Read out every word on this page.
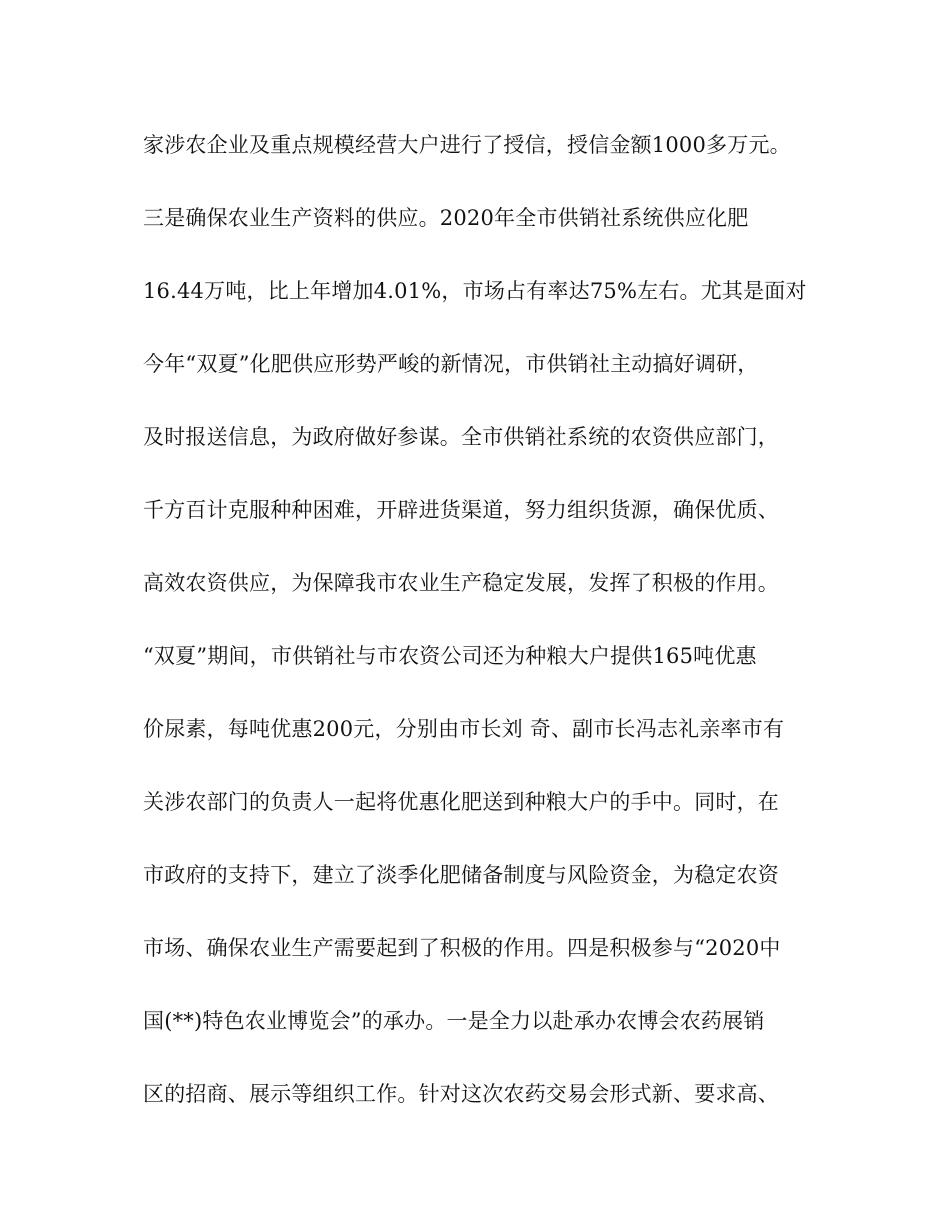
家涉农企业及重点规模经营大户进行了授信，授信金额1000多万元。
三是确保农业生产资料的供应。2020年全市供销社系统供应化肥
16.44万吨，比上年增加4.01%，市场占有率达75%左右。尤其是面对
今年“双夏”化肥供应形势严峻的新情况，市供销社主动搞好调研，
及时报送信息，为政府做好参谋。全市供销社系统的农资供应部门，
千方百计克服种种困难，开辟进货渠道，努力组织货源，确保优质、
高效农资供应，为保障我市农业生产稳定发展，发挥了积极的作用。
“双夏”期间，市供销社与市农资公司还为种粮大户提供165吨优惠
价尿素，每吨优惠200元，分别由市长刘 奇、副市长冯志礼亲率市有
关涉农部门的负责人一起将优惠化肥送到种粮大户的手中。同时，在
市政府的支持下，建立了淡季化肥储备制度与风险资金，为稳定农资
市场、确保农业生产需要起到了积极的作用。四是积极参与“2020中
国(**)特色农业博览会”的承办。一是全力以赴承办农博会农药展销
区的招商、展示等组织工作。针对这次农药交易会形式新、要求高、
